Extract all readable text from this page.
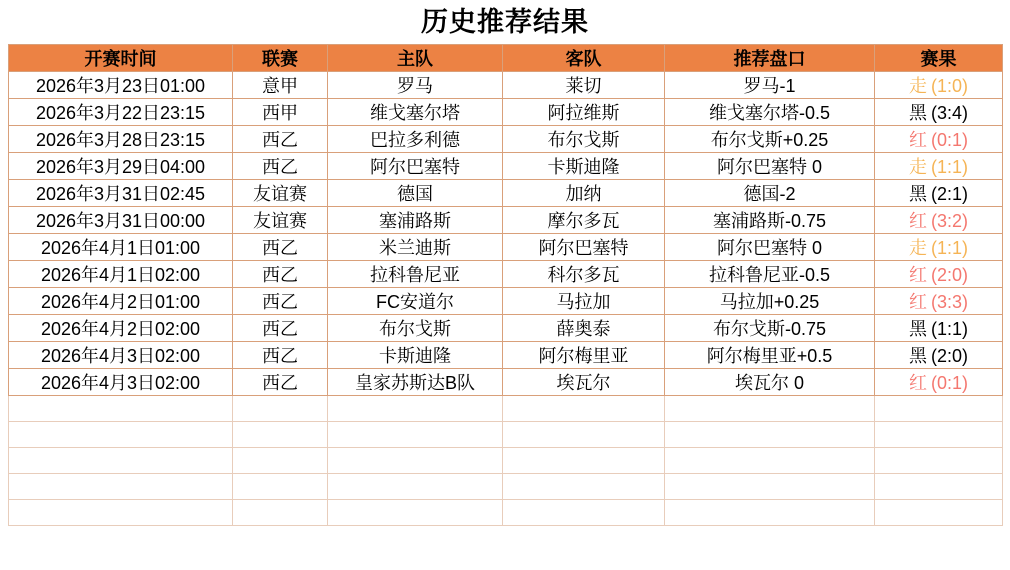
历史推荐结果
开赛时间	联赛	主队	客队	推荐盘口	赛果
2026年3月23日01:00	意甲	罗马	莱切	罗马-1	走 (1:0)
2026年3月22日23:15	西甲	维戈塞尔塔	阿拉维斯	维戈塞尔塔-0.5	黑 (3:4)
2026年3月28日23:15	西乙	巴拉多利德	布尔戈斯	布尔戈斯+0.25	红 (0:1)
2026年3月29日04:00	西乙	阿尔巴塞特	卡斯迪隆	阿尔巴塞特 0	走 (1:1)
2026年3月31日02:45	友谊赛	德国	加纳	德国-2	黑 (2:1)
2026年3月31日00:00	友谊赛	塞浦路斯	摩尔多瓦	塞浦路斯-0.75	红 (3:2)
2026年4月1日01:00	西乙	米兰迪斯	阿尔巴塞特	阿尔巴塞特 0	走 (1:1)
2026年4月1日02:00	西乙	拉科鲁尼亚	科尔多瓦	拉科鲁尼亚-0.5	红 (2:0)
2026年4月2日01:00	西乙	FC安道尔	马拉加	马拉加+0.25	红 (3:3)
2026年4月2日02:00	西乙	布尔戈斯	薛奥泰	布尔戈斯-0.75	黑 (1:1)
2026年4月3日02:00	西乙	卡斯迪隆	阿尔梅里亚	阿尔梅里亚+0.5	黑 (2:0)
2026年4月3日02:00	西乙	皇家苏斯达B队	埃瓦尔	埃瓦尔 0	红 (0:1)
